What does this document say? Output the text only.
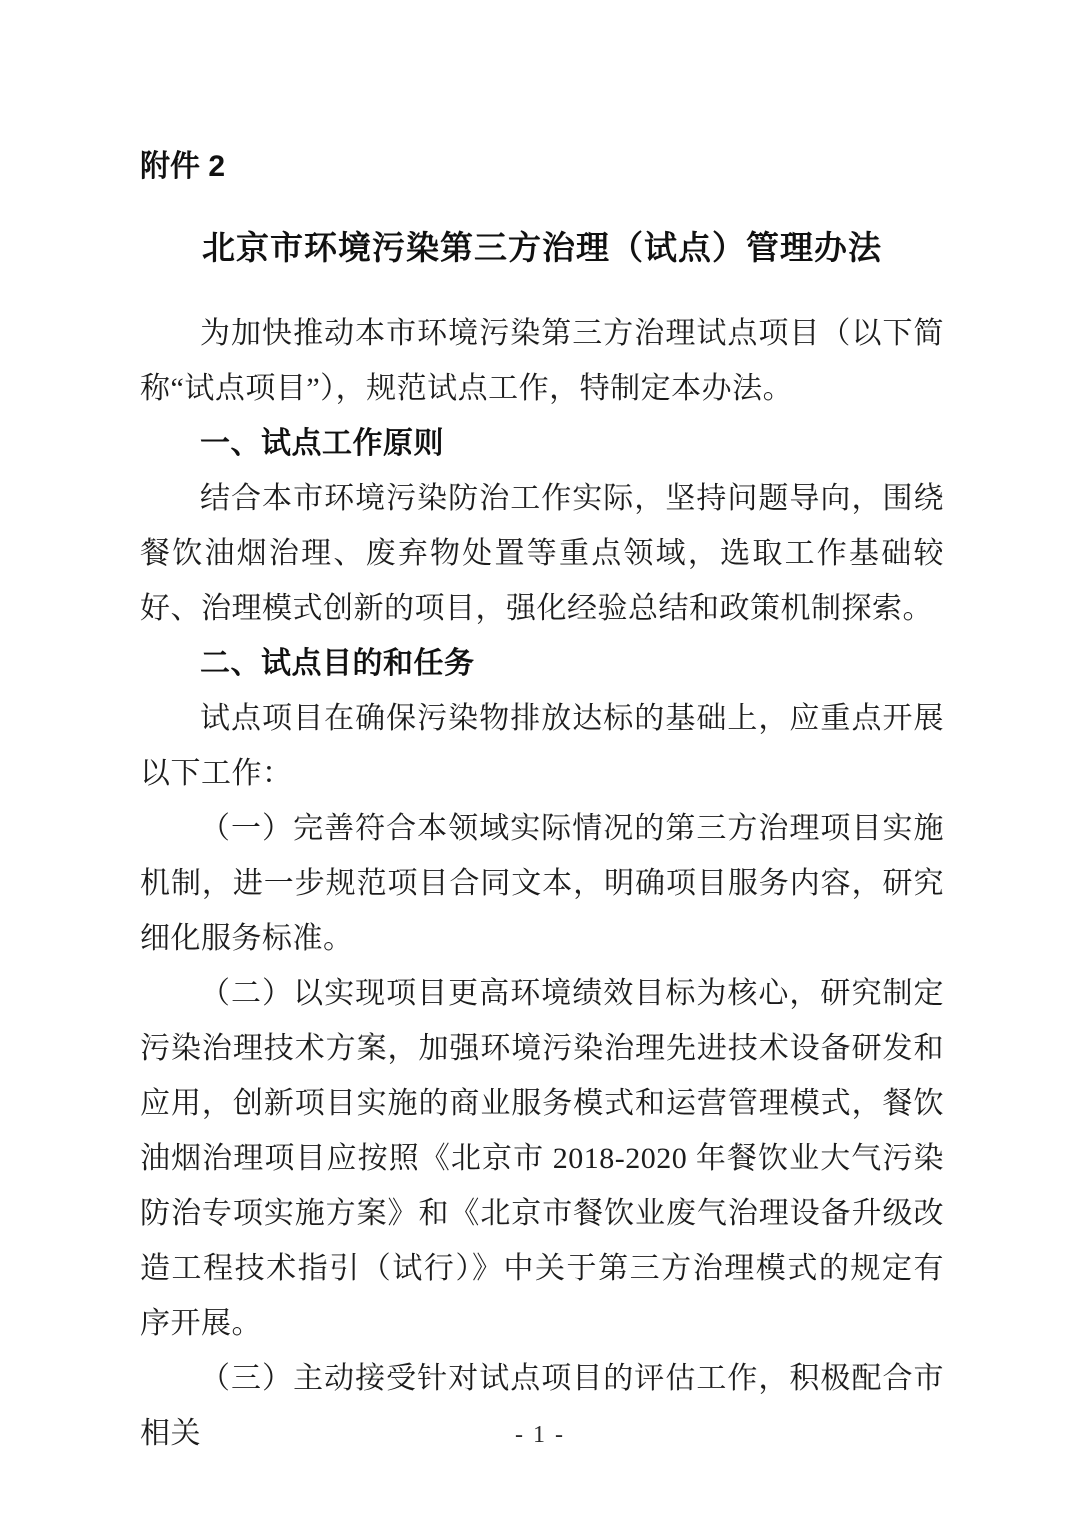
附件 2
北京市环境污染第三方治理（试点）管理办法

为加快推动本市环境污染第三方治理试点项目（以下简称“试点项目”），规范试点工作，特制定本办法。

一、试点工作原则

结合本市环境污染防治工作实际，坚持问题导向，围绕餐饮油烟治理、废弃物处置等重点领域，选取工作基础较好、治理模式创新的项目，强化经验总结和政策机制探索。

二、试点目的和任务

试点项目在确保污染物排放达标的基础上，应重点开展以下工作：

（一）完善符合本领域实际情况的第三方治理项目实施机制，进一步规范项目合同文本，明确项目服务内容，研究细化服务标准。

（二）以实现项目更高环境绩效目标为核心，研究制定污染治理技术方案，加强环境污染治理先进技术设备研发和应用，创新项目实施的商业服务模式和运营管理模式，餐饮油烟治理项目应按照《北京市 2018-2020 年餐饮业大气污染防治专项实施方案》和《北京市餐饮业废气治理设备升级改造工程技术指引（试行）》中关于第三方治理模式的规定有序开展。

（三）主动接受针对试点项目的评估工作，积极配合市相关	- 1 -
